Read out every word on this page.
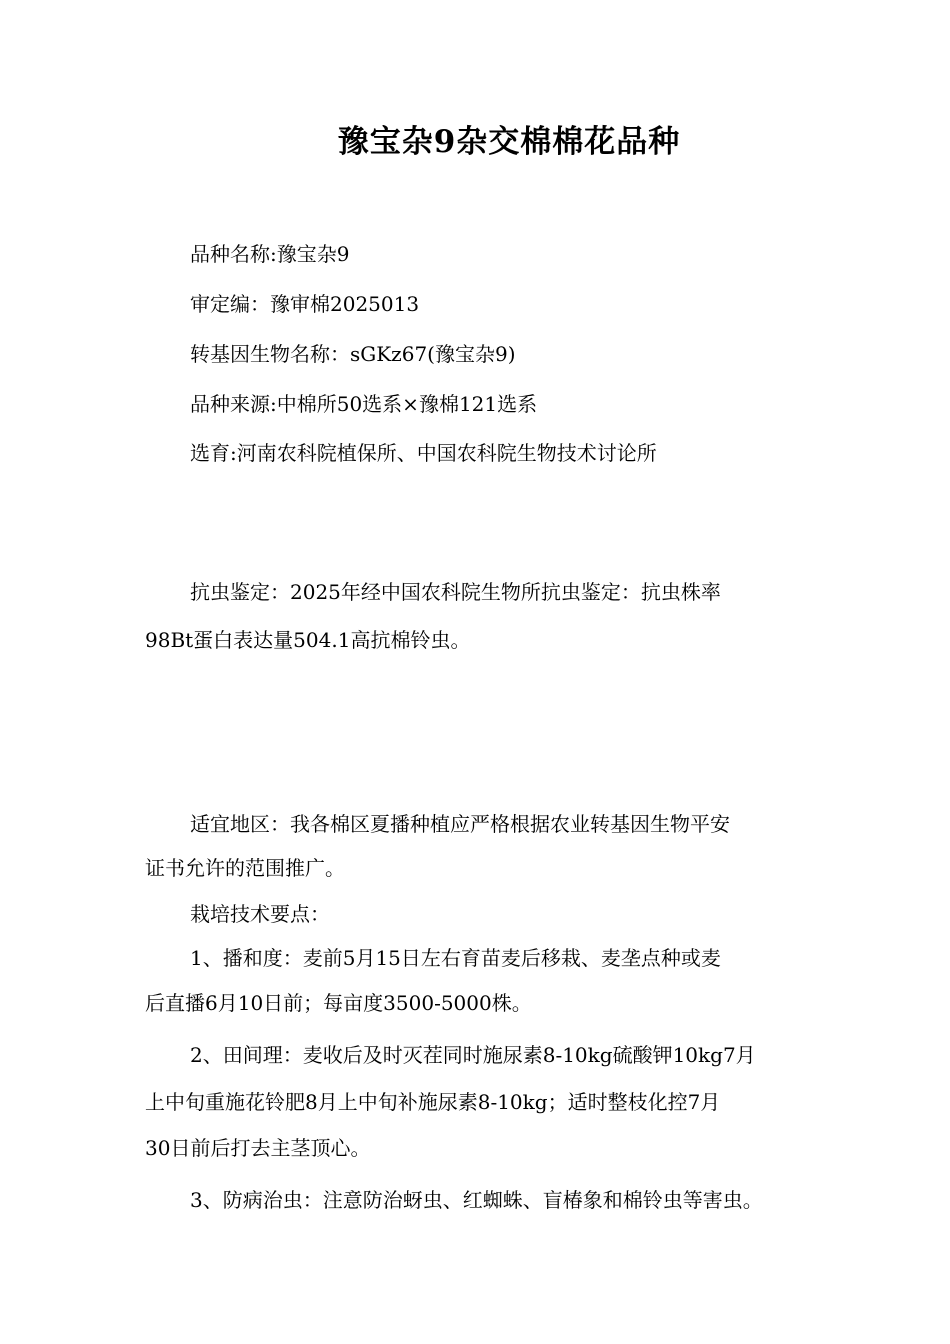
豫宝杂9杂交棉棉花品种
品种名称:豫宝杂9
审定编：豫审棉2025013
转基因生物名称：sGKz67(豫宝杂9)
品种来源:中棉所50选系×豫棉121选系
选育:河南农科院植保所、中国农科院生物技术讨论所
抗虫鉴定：2025年经中国农科院生物所抗虫鉴定：抗虫株率
98Bt蛋白表达量504.1高抗棉铃虫。
适宜地区：我各棉区夏播种植应严格根据农业转基因生物平安
证书允许的范围推广。
栽培技术要点：
1、播和度：麦前5月15日左右育苗麦后移栽、麦垄点种或麦
后直播6月10日前；每亩度3500-5000株。
2、田间理：麦收后及时灭茬同时施尿素8-10kg硫酸钾10kg7月
上中旬重施花铃肥8月上中旬补施尿素8-10kg；适时整枝化控7月
30日前后打去主茎顶心。
3、防病治虫：注意防治蚜虫、红蜘蛛、盲椿象和棉铃虫等害虫。
